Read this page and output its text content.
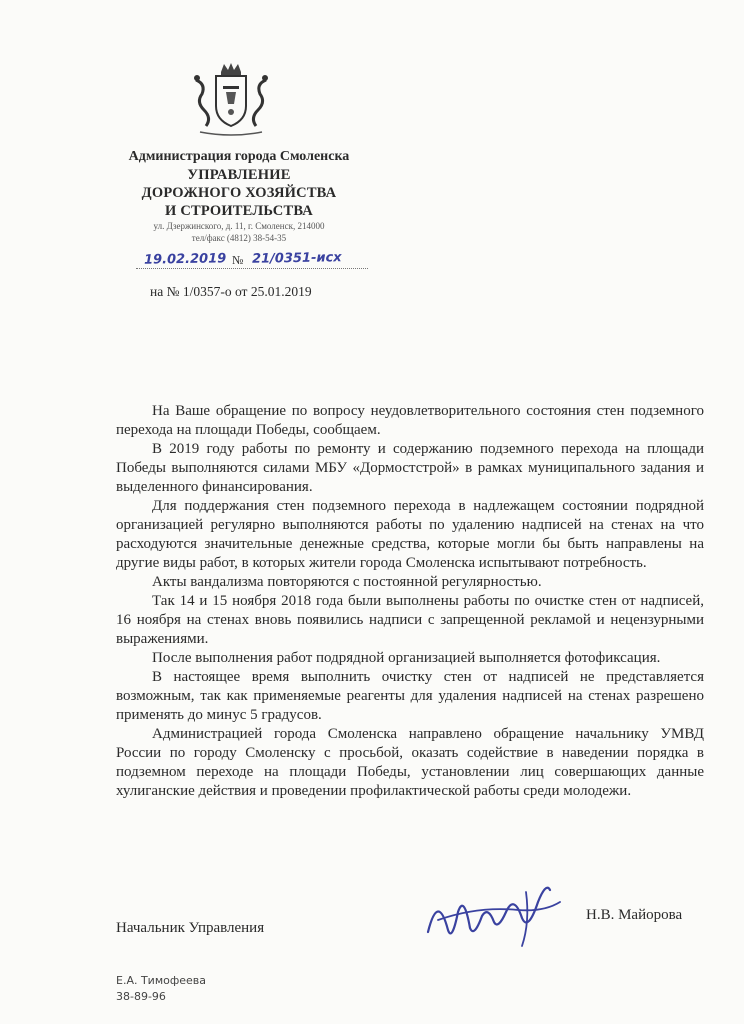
Администрация города Смоленска
УПРАВЛЕНИЕ
ДОРОЖНОГО ХОЗЯЙСТВА
И СТРОИТЕЛЬСТВА
ул. Дзержинского, д. 11, г. Смоленск, 214000
тел/факс (4812) 38-54-35
19.02.2019 № 21/0351-исх
на № 1/0357-о от 25.01.2019

На Ваше обращение по вопросу неудовлетворительного состояния стен подземного перехода на площади Победы, сообщаем.

В 2019 году работы по ремонту и содержанию подземного перехода на площади Победы выполняются силами МБУ «Дормостстрой» в рамках муниципального задания и выделенного финансирования.

Для поддержания стен подземного перехода в надлежащем состоянии подрядной организацией регулярно выполняются работы по удалению надписей на стенах на что расходуются значительные денежные средства, которые могли бы быть направлены на другие виды работ, в которых жители города Смоленска испытывают потребность.

Акты вандализма повторяются с постоянной регулярностью.

Так 14 и 15 ноября 2018 года были выполнены работы по очистке стен от надписей, 16 ноября на стенах вновь появились надписи с запрещенной рекламой и нецензурными выражениями.

После выполнения работ подрядной организацией выполняется фотофиксация.

В настоящее время выполнить очистку стен от надписей не представляется возможным, так как применяемые реагенты для удаления надписей на стенах разрешено применять до минус 5 градусов.

Администрацией города Смоленска направлено обращение начальнику УМВД России по городу Смоленску с просьбой, оказать содействие в наведении порядка в подземном переходе на площади Победы, установлении лиц совершающих данные хулиганские действия и проведении профилактической работы среди молодежи.

Начальник Управления
Н.В. Майорова
Е.А. Тимофеева
38-89-96
